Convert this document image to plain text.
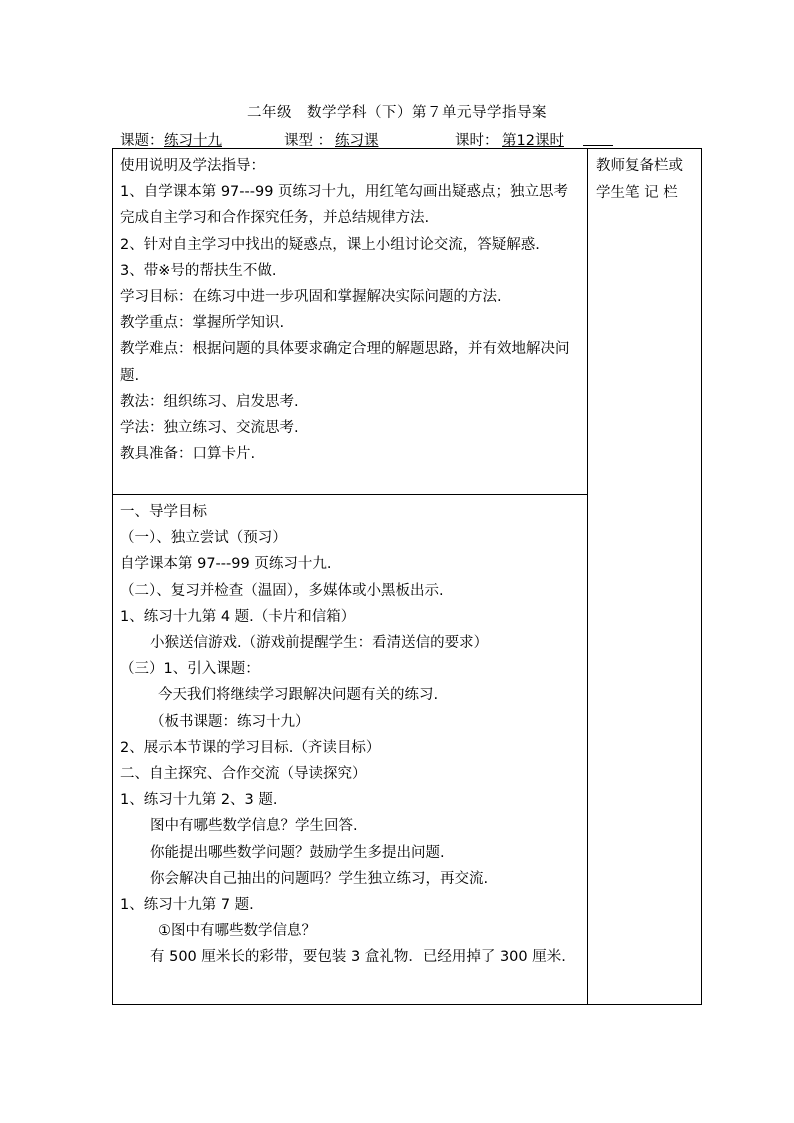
二年级　数学学科（下）第７单元导学指导案
课题： 练习十九	课型 ： 练习课	课时： 第12课时
使用说明及学法指导：
1、自学课本第 97---99 页练习十九，用红笔勾画出疑惑点；独立思考完成自主学习和合作探究任务，并总结规律方法.
2、针对自主学习中找出的疑惑点，课上小组讨论交流，答疑解惑.
3、带※号的帮扶生不做.
学习目标：在练习中进一步巩固和掌握解决实际问题的方法.
教学重点：掌握所学知识.
教学难点：根据问题的具体要求确定合理的解题思路，并有效地解决问题.
教法：组织练习、启发思考.
学法：独立练习、交流思考.
教具准备：口算卡片.

教师复备栏或
学生笔 记 栏

一、导学目标
（一）、独立尝试（预习）
自学课本第 97---99 页练习十九.
（二）、复习并检查（温固），多媒体或小黑板出示.
1、练习十九第 4 题.（卡片和信箱）
小猴送信游戏.（游戏前提醒学生：看清送信的要求）
（三）1、引入课题：
今天我们将继续学习跟解决问题有关的练习.
（板书课题：练习十九）
2、展示本节课的学习目标.（齐读目标）
二、自主探究、合作交流（导读探究）
1、练习十九第 2、3 题.
图中有哪些数学信息？学生回答.
你能提出哪些数学问题？鼓励学生多提出问题.
你会解决自己抽出的问题吗？学生独立练习，再交流.
1、练习十九第 7 题.
①图中有哪些数学信息？
有 500 厘米长的彩带，要包装 3 盒礼物．已经用掉了 300 厘米.
